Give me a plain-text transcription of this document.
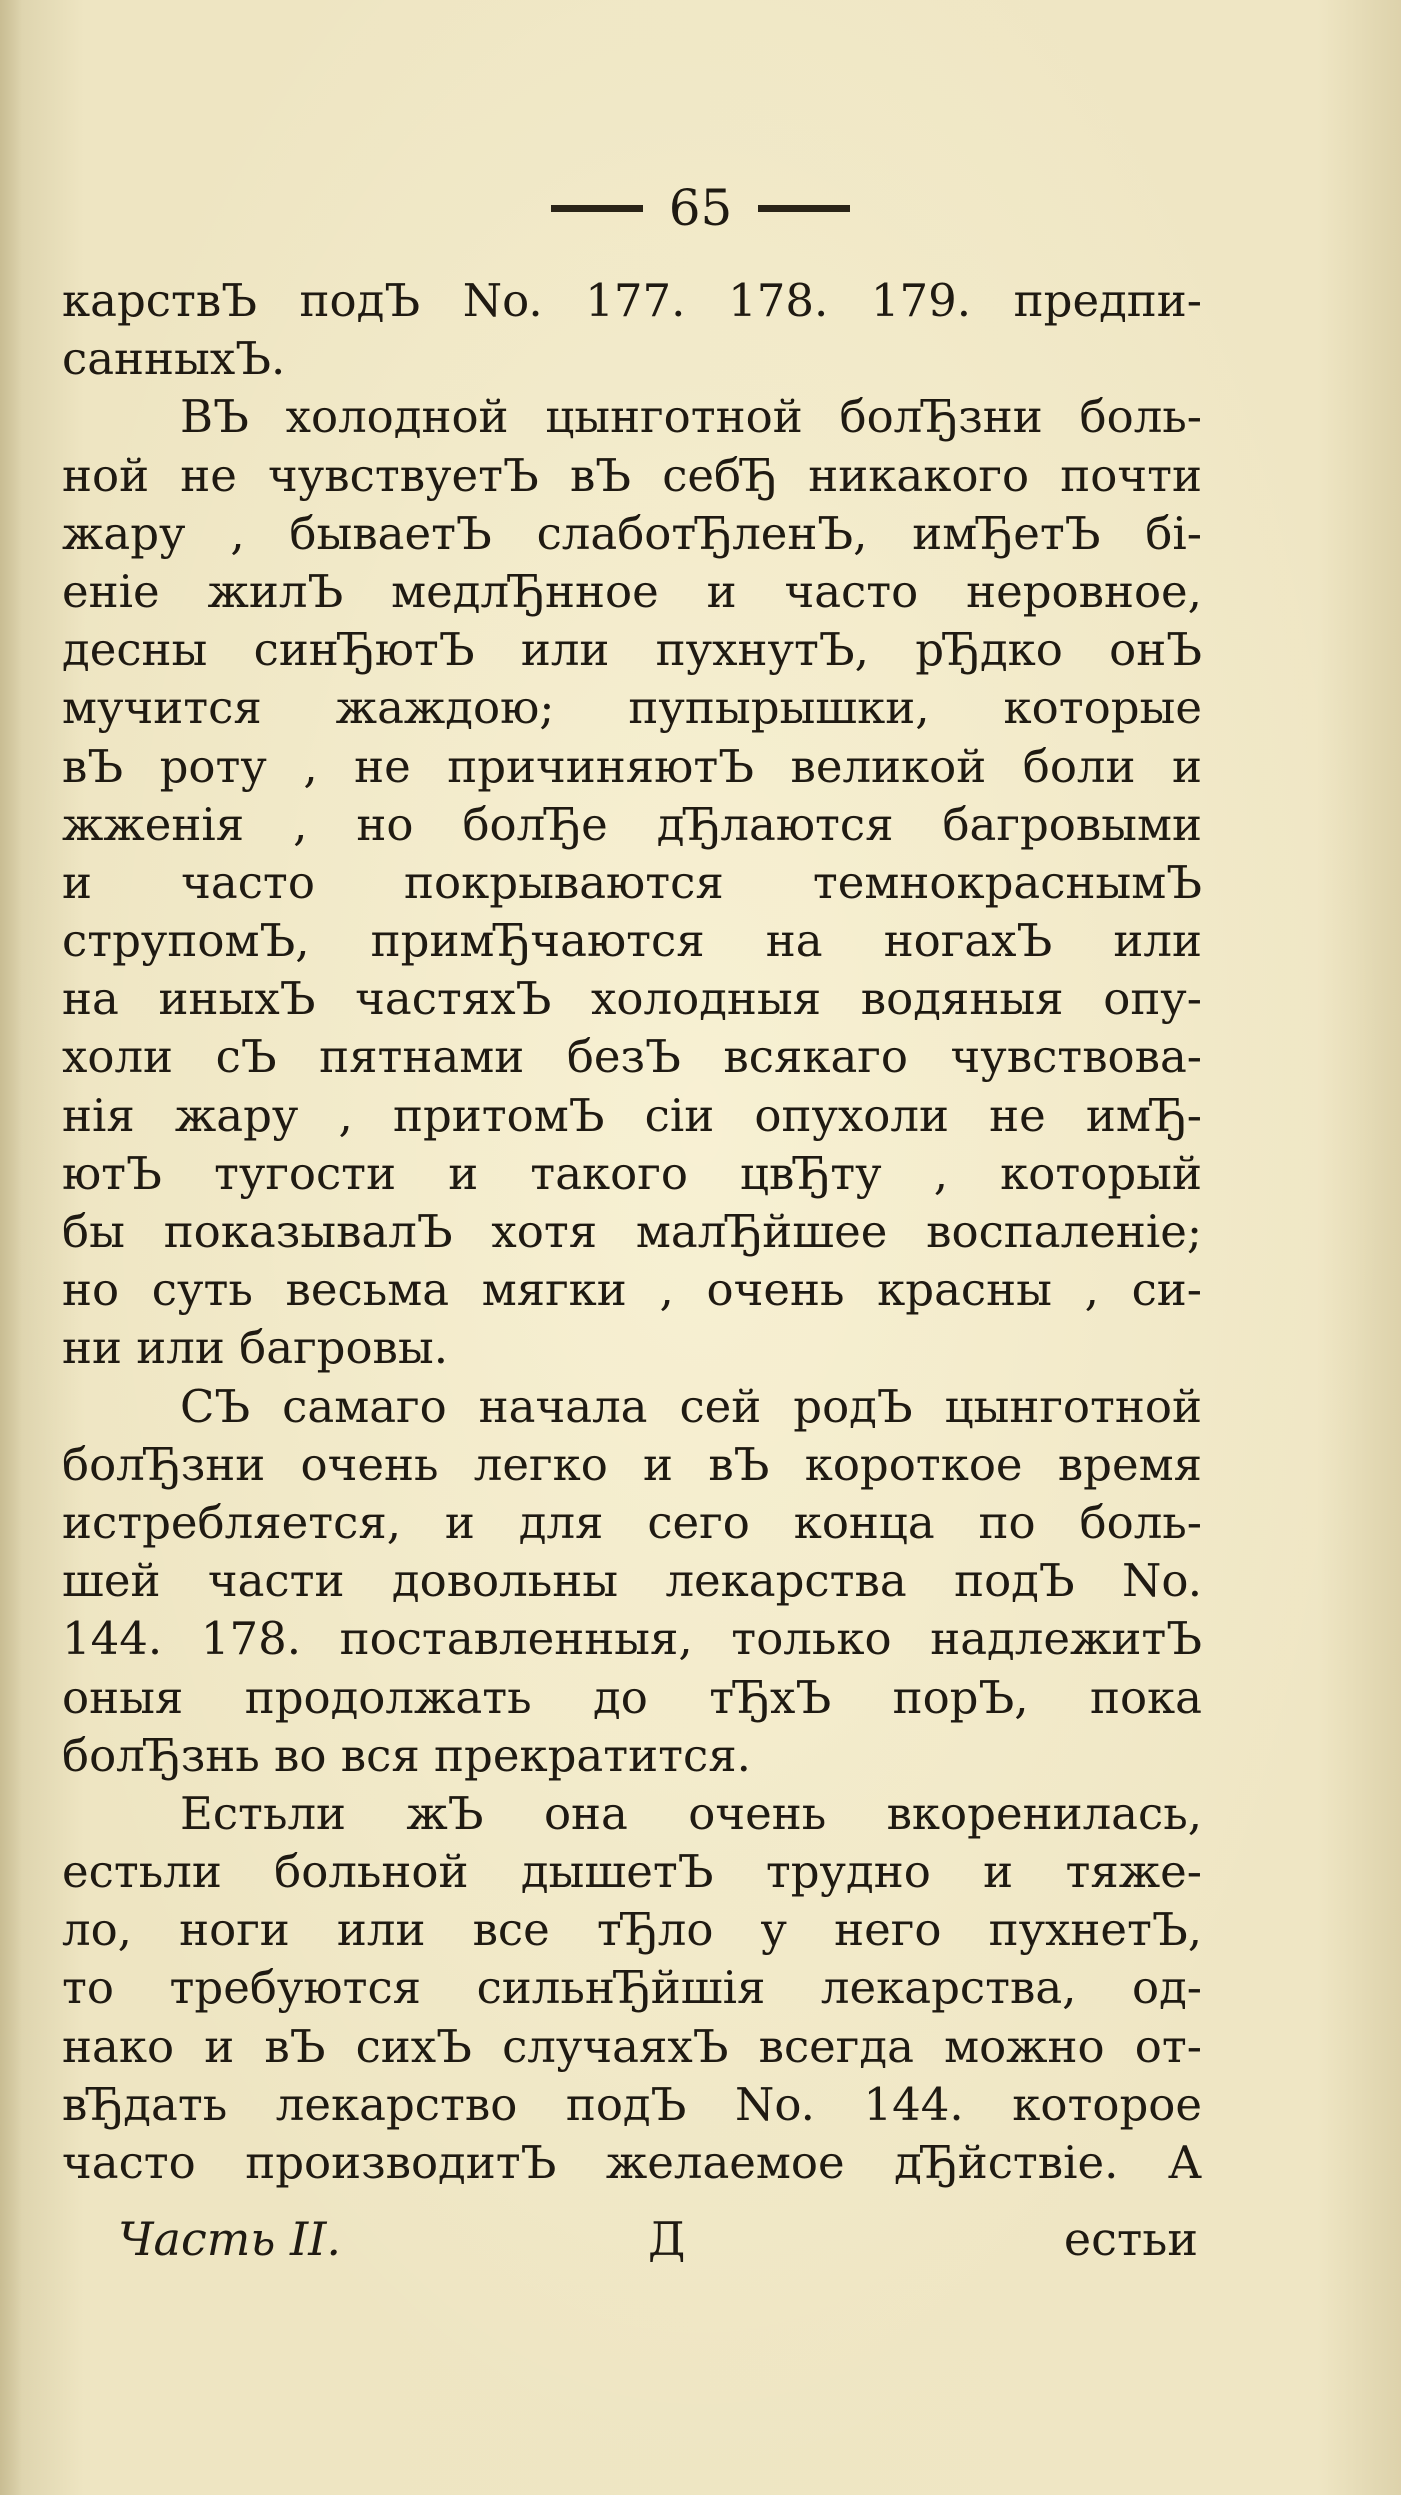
65
карствЪ подЪ No. 177. 178. 179. предпи-
санныхЪ.
ВЪ холодной цынготной болЂзни боль-
ной не чувствуетЪ вЪ себЂ никакого почти
жару , бываетЪ слаботЂленЪ, имЂетЪ бі-
еніе жилЪ медлЂнное и часто неровное,
десны синЂютЪ или пухнутЪ, рЂдко онЪ
мучится жаждою; пупырышки, которые
вЪ роту , не причиняютЪ великой боли и
жженія , но болЂе дЂлаются багровыми
и часто покрываются темнокраснымЪ
струпомЪ, примЂчаются на ногахЪ или
на иныхЪ частяхЪ холодныя водяныя опу-
холи сЪ пятнами безЪ всякаго чувствова-
нія жару , притомЪ сіи опухоли не имЂ-
ютЪ тугости и такого цвЂту , который
бы показывалЪ хотя малЂйшее воспаленіе;
но суть весьма мягки , очень красны , си-
ни или багровы.
СЪ самаго начала сей родЪ цынготной
болЂзни очень легко и вЪ короткое время
истребляется, и для сего конца по боль-
шей части довольны лекарства подЪ No.
144. 178. поставленныя, только надлежитЪ
оныя продолжать до тЂхЪ порЪ, пока
болЂзнь во вся прекратится.
Естьли жЪ она очень вкоренилась,
естьли больной дышетЪ трудно и тяже-
ло, ноги или все тЂло у него пухнетЪ,
то требуются сильнЂйшія лекарства, од-
нако и вЪ сихЪ случаяхЪ всегда можно от-
вЂдать лекарство подЪ No. 144. которое
часто производитЪ желаемое дЂйствіе. А
Часть II.	Д	естьи
